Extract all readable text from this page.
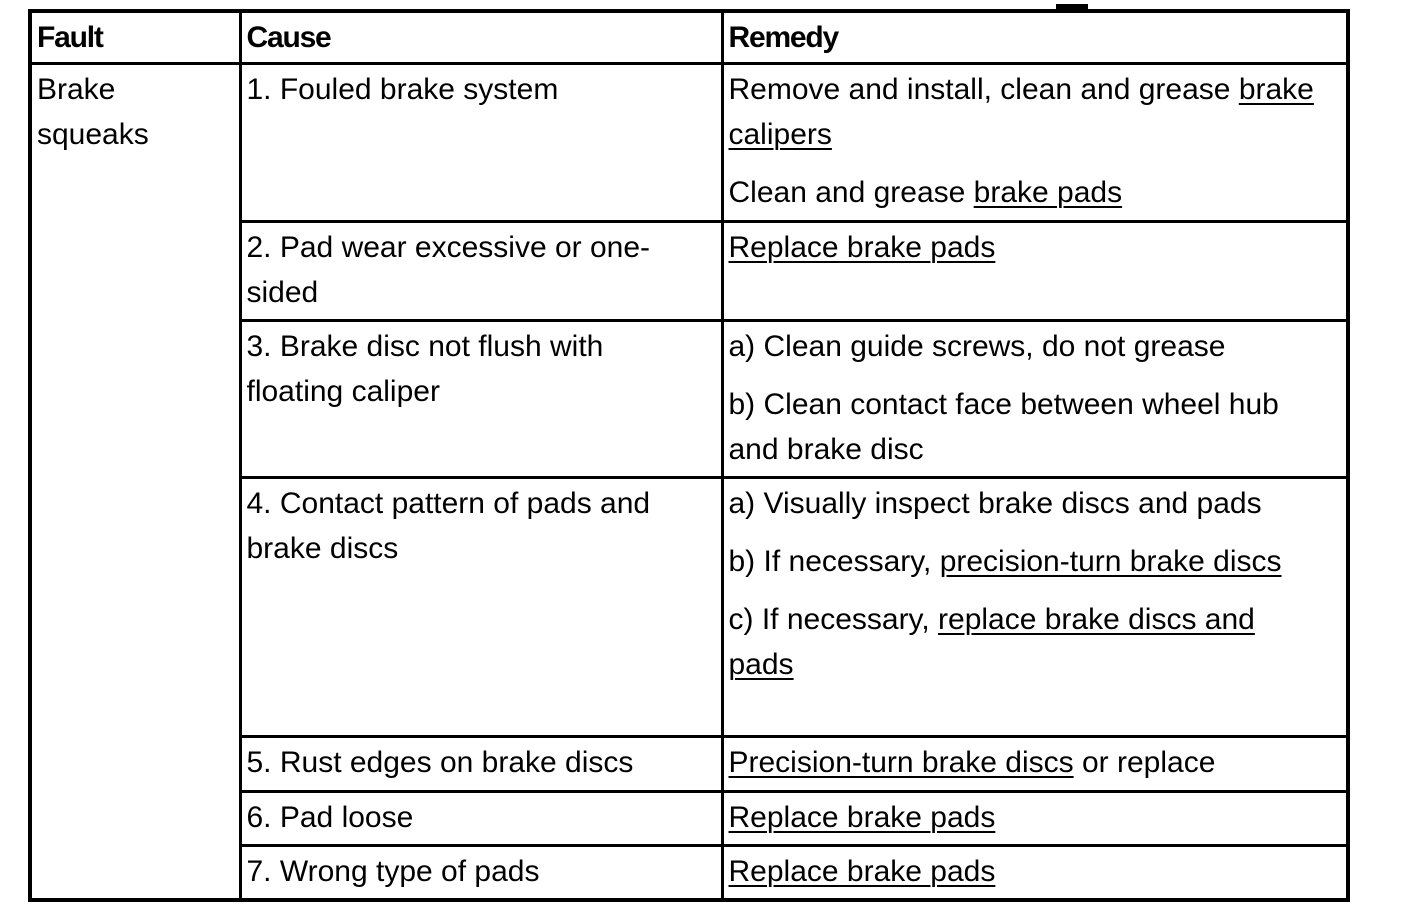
Fault	Cause	Remedy
Brake squeaks	1. Fouled brake system	Remove and install, clean and grease brake calipers
Clean and grease brake pads

	2. Pad wear excessive or one-sided	Replace brake pads

	3. Brake disc not flush with floating caliper	a) Clean guide screws, do not grease
b) Clean contact face between wheel hub and brake disc

	4. Contact pattern of pads and brake discs	a) Visually inspect brake discs and pads
b) If necessary, precision-turn brake discs
c) If necessary, replace brake discs and pads

	5. Rust edges on brake discs	Precision-turn brake discs or replace

	6. Pad loose	Replace brake pads

	7. Wrong type of pads	Replace brake pads
